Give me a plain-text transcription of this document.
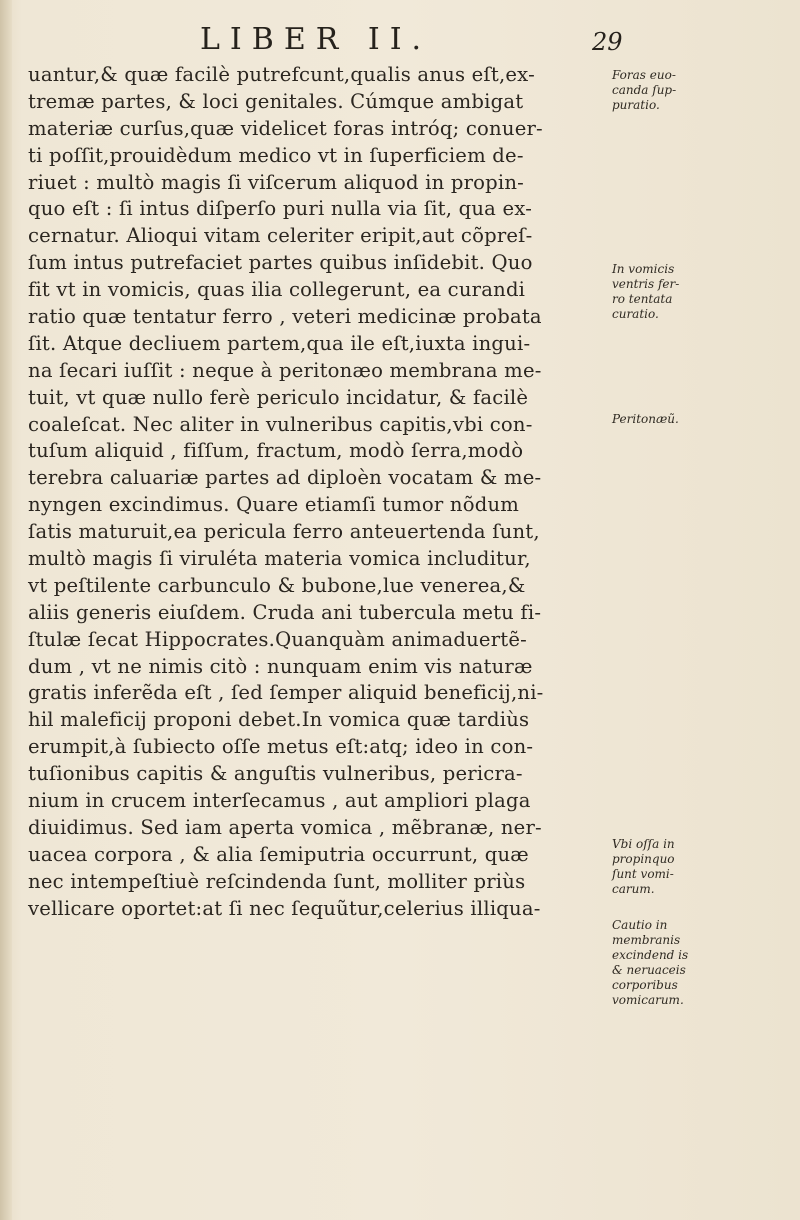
LIBER II.	29
uantur,& quæ facilè putrefcunt,qualis anus eſt,ex-
tremæ partes, & loci genitales. Cúmque ambigat
materiæ curſus,quæ videlicet foras intróq; conuer-
ti poſſit,prouidèdum medico vt in ſuperficiem de-
riuet : multò magis ſi viſcerum aliquod in propin-
quo eſt : ſi intus diſperſo puri nulla via ſit, qua ex-
cernatur. Alioqui vitam celeriter eripit,aut cõpreſ-
ſum intus putrefaciet partes quibus inſidebit. Quo
fit vt in vomicis, quas ilia collegerunt, ea curandi
ratio quæ tentatur ferro , veteri medicinæ probata
ſit. Atque decliuem partem,qua ile eſt,iuxta ingui-
na ſecari iuſſit : neque à peritonæo membrana me-
tuit, vt quæ nullo ferè periculo incidatur, & facilè
coaleſcat. Nec aliter in vulneribus capitis,vbi con-
tuſum aliquid , fiſſum, fractum, modò ſerra,modò
terebra caluariæ partes ad diploèn vocatam & me-
nyngen excindimus. Quare etiamſi tumor nõdum
ſatis maturuit,ea pericula ferro anteuertenda ſunt,
multò magis ſi viruléta materia vomica includitur,
vt peſtilente carbunculo & bubone,lue venerea,&
aliis generis eiuſdem. Cruda ani tubercula metu fi-
ſtulæ ſecat Hippocrates.Quanquàm animaduertẽ-
dum , vt ne nimis citò : nunquam enim vis naturæ
gratis inferẽda eſt , ſed ſemper aliquid beneficij,ni-
hil maleficij proponi debet.In vomica quæ tardiùs
erumpit,à ſubiecto oſſe metus eſt:atq; ideo in con-
tuſionibus capitis & anguſtis vulneribus, pericra-
nium in crucem interſecamus , aut ampliori plaga
diuidimus. Sed iam aperta vomica , mẽbranæ, ner-
uacea corpora , & alia ſemiputria occurrunt, quæ
nec intempeſtiuè reſcindenda ſunt, molliter priùs
vellicare oportet:at ſi nec ſequũtur,celerius illiqua-
Foras euo-
canda ſup-
puratio.
In vomicis
ventris fer-
ro tentata
curatio.
Peritonæũ.
Vbi oſſa in
propinquo
ſunt vomi-
carum.
Cautio in
membranis
excindend is
& neruaceis
corporibus
vomicarum.
